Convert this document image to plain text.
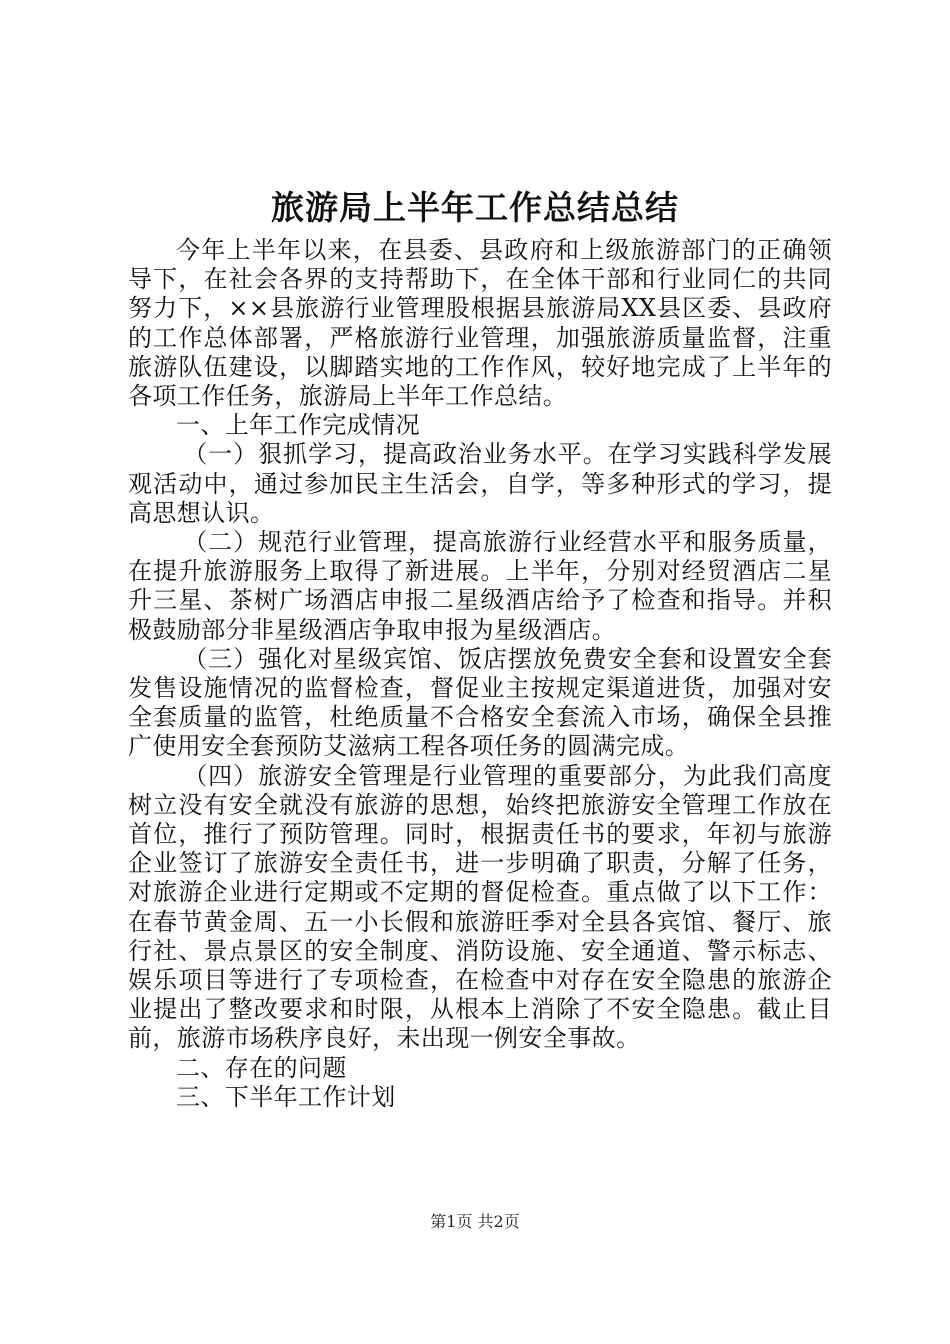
旅游局上半年工作总结总结

今年上半年以来，在县委、县政府和上级旅游部门的正确领导下，在社会各界的支持帮助下，在全体干部和行业同仁的共同努力下，××县旅游行业管理股根据县旅游局XX县区委、县政府的工作总体部署，严格旅游行业管理，加强旅游质量监督，注重旅游队伍建设，以脚踏实地的工作作风，较好地完成了上半年的各项工作任务，旅游局上半年工作总结。

一、上年工作完成情况

（一）狠抓学习，提高政治业务水平。在学习实践科学发展观活动中，通过参加民主生活会，自学，等多种形式的学习，提高思想认识。

（二）规范行业管理，提高旅游行业经营水平和服务质量，在提升旅游服务上取得了新进展。上半年，分别对经贸酒店二星升三星、茶树广场酒店申报二星级酒店给予了检查和指导。并积极鼓励部分非星级酒店争取申报为星级酒店。

（三）强化对星级宾馆、饭店摆放免费安全套和设置安全套发售设施情况的监督检查，督促业主按规定渠道进货，加强对安全套质量的监管，杜绝质量不合格安全套流入市场，确保全县推广使用安全套预防艾滋病工程各项任务的圆满完成。

（四）旅游安全管理是行业管理的重要部分，为此我们高度树立没有安全就没有旅游的思想，始终把旅游安全管理工作放在首位，推行了预防管理。同时，根据责任书的要求，年初与旅游企业签订了旅游安全责任书，进一步明确了职责，分解了任务，对旅游企业进行定期或不定期的督促检查。重点做了以下工作：在春节黄金周、五一小长假和旅游旺季对全县各宾馆、餐厅、旅行社、景点景区的安全制度、消防设施、安全通道、警示标志、娱乐项目等进行了专项检查，在检查中对存在安全隐患的旅游企业提出了整改要求和时限，从根本上消除了不安全隐患。截止目前，旅游市场秩序良好，未出现一例安全事故。

二、存在的问题

三、下半年工作计划

第1页 共2页
